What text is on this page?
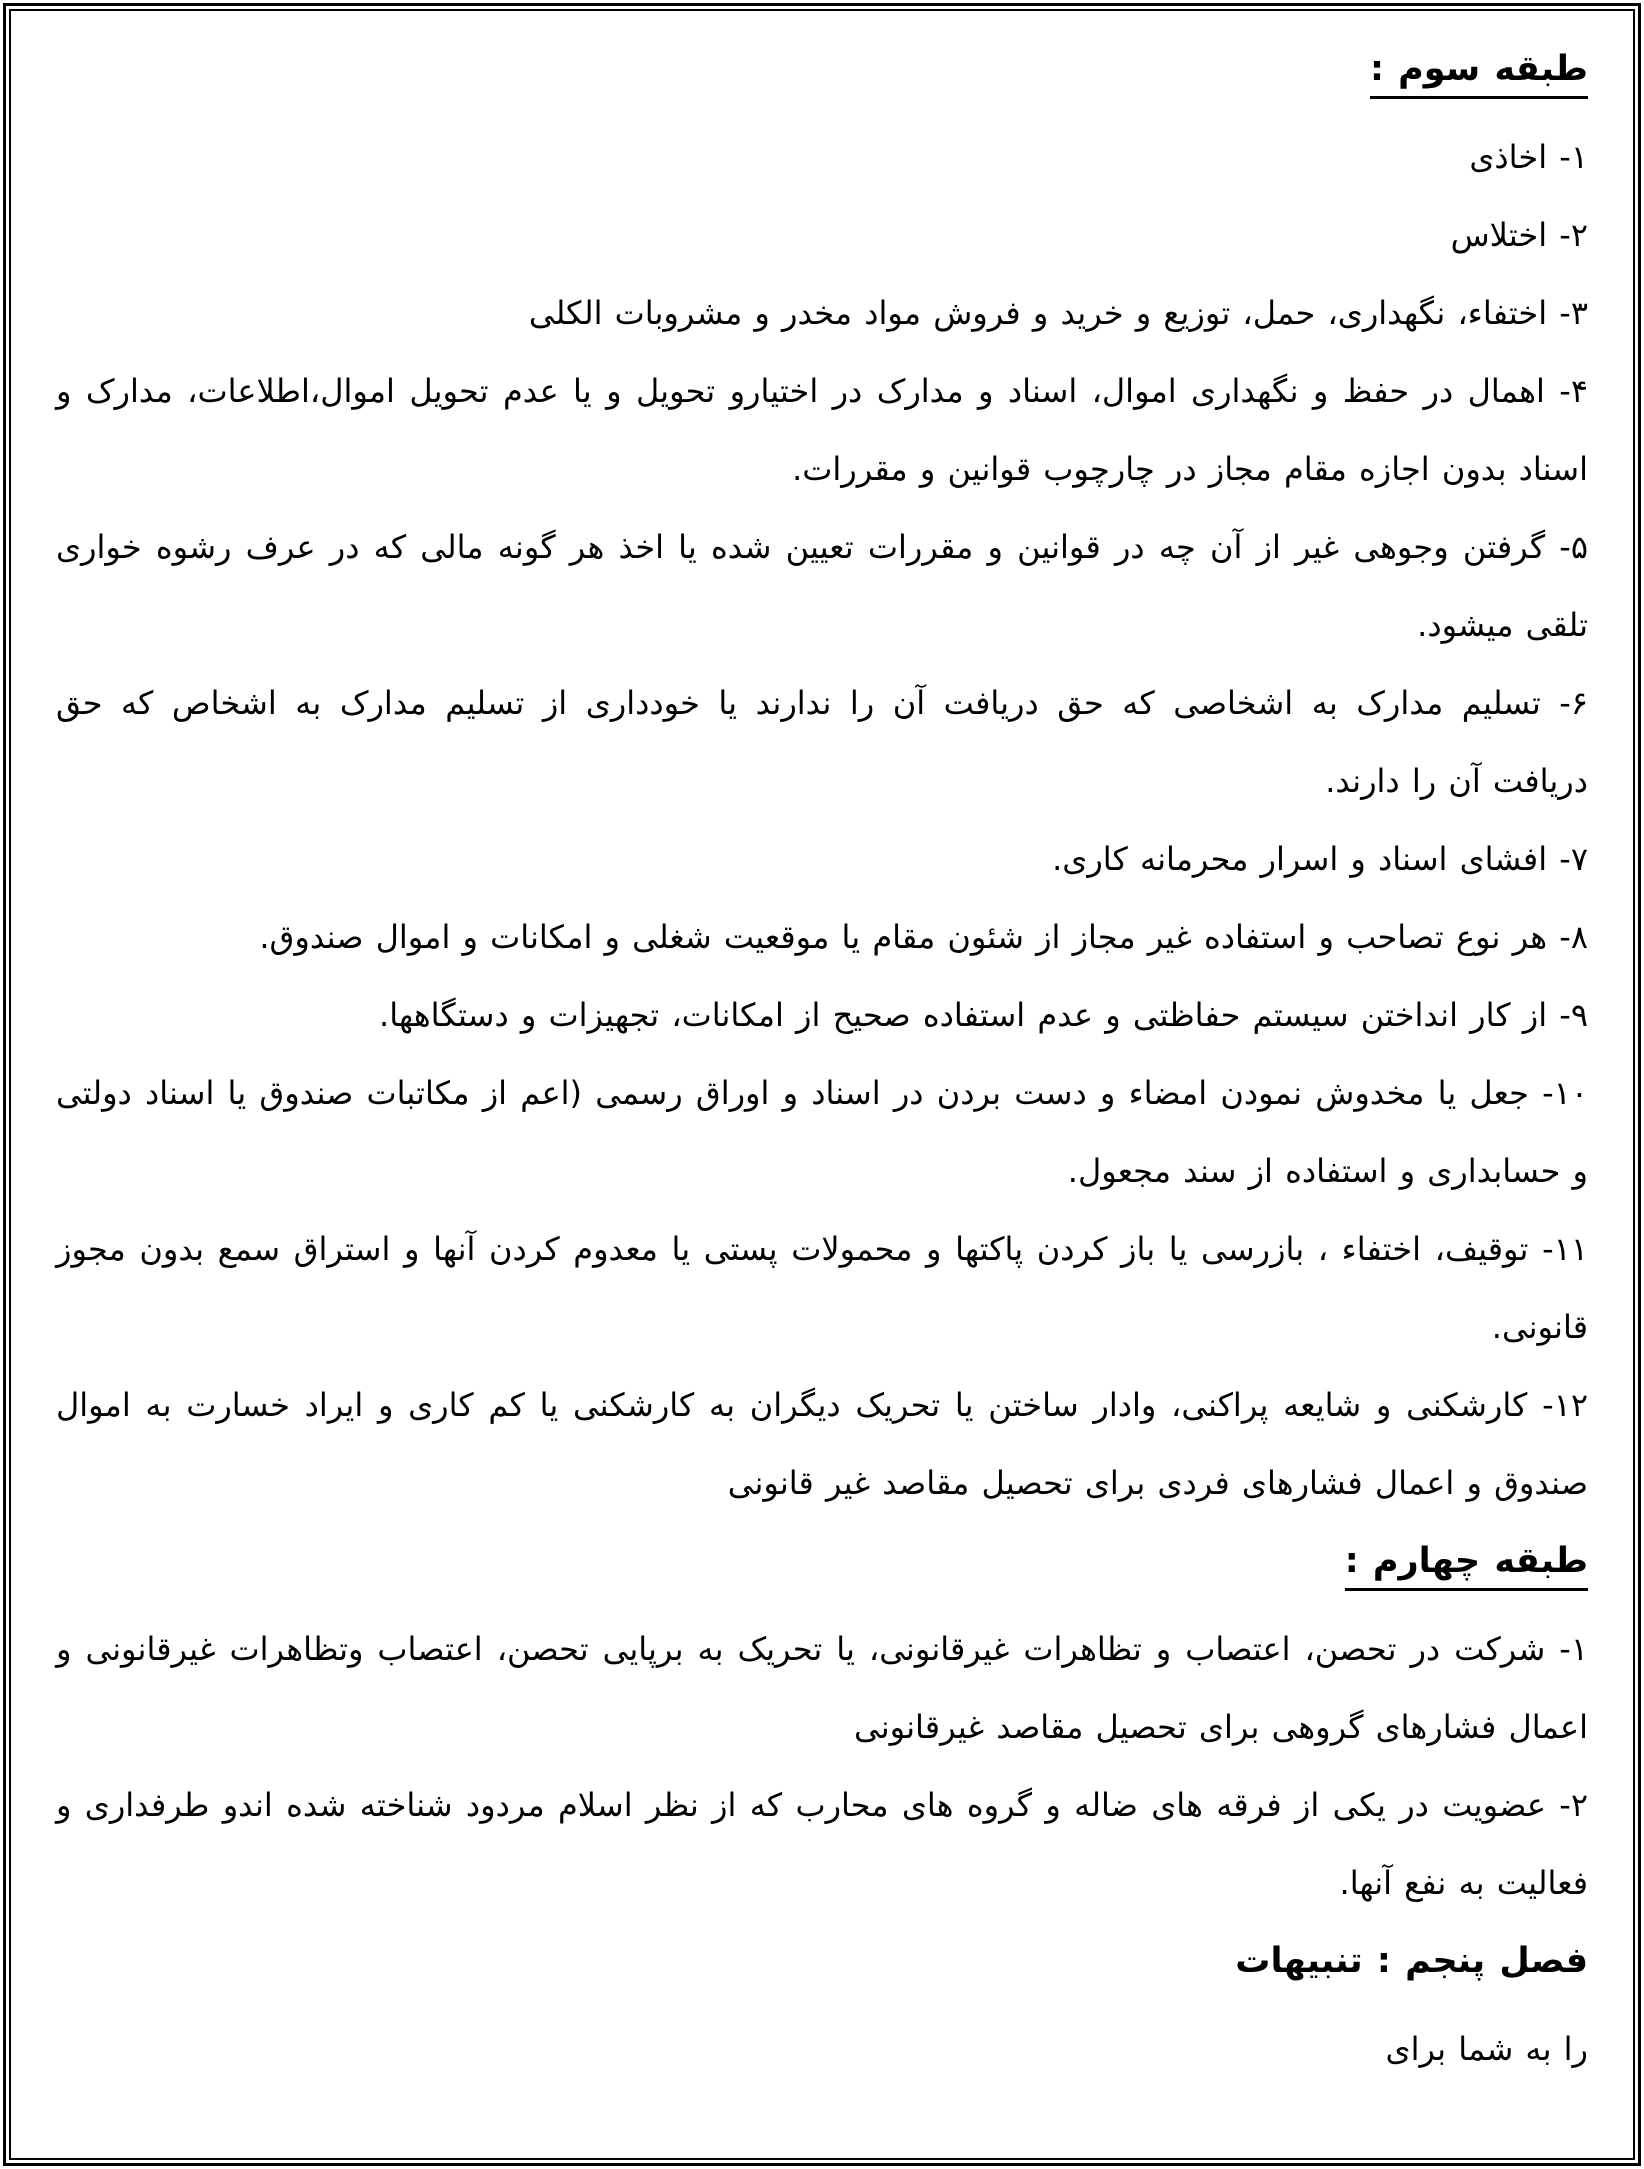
طبقه سوم :
۱- اخاذی
۲- اختلاس
۳- اختفاء، نگهداری، حمل، توزیع و خرید و فروش مواد مخدر و مشروبات الکلی
۴- اهمال در حفظ و نگهداری اموال، اسناد و مدارک در اختیارو تحویل و یا عدم تحویل اموال،اطلاعات، مدارک و
اسناد بدون اجازه مقام مجاز در چارچوب قوانین و مقررات.
۵- گرفتن وجوهی غیر از آن چه در قوانین و مقررات تعیین شده یا اخذ هر گونه مالی که در عرف رشوه خواری
تلقی میشود.
۶- تسلیم مدارک به اشخاصی که حق دریافت آن را ندارند یا خودداری از تسلیم مدارک به اشخاص که حق
دریافت آن را دارند.
۷- افشای اسناد و اسرار محرمانه کاری.
۸- هر نوع تصاحب و استفاده غیر مجاز از شئون مقام یا موقعیت شغلی و امکانات و اموال صندوق.
۹- از کار انداختن سیستم حفاظتی و عدم استفاده صحیح از امکانات، تجهیزات و دستگاهها.
۱۰- جعل یا مخدوش نمودن امضاء و دست بردن در اسناد و اوراق رسمی (اعم از مکاتبات صندوق یا اسناد دولتی
و حسابداری و استفاده از سند مجعول.
۱۱- توقیف، اختفاء ، بازرسی یا باز کردن پاکتها و محمولات پستی یا معدوم کردن آنها و استراق سمع بدون مجوز
قانونی.
۱۲- کارشکنی و شایعه پراکنی، وادار ساختن یا تحریک دیگران به کارشکنی یا کم کاری و ایراد خسارت به اموال
صندوق و اعمال فشارهای فردی برای تحصیل مقاصد غیر قانونی
طبقه چهارم :
۱- شرکت در تحصن، اعتصاب و تظاهرات غیرقانونی، یا تحریک به برپایی تحصن، اعتصاب وتظاهرات غیرقانونی و
اعمال فشارهای گروهی برای تحصیل مقاصد غیرقانونی
۲- عضویت در یکی از فرقه های ضاله و گروه های محارب که از نظر اسلام مردود شناخته شده اندو طرفداری و
فعالیت به نفع آنها.
فصل پنجم : تنبیهات
را به شما برای
